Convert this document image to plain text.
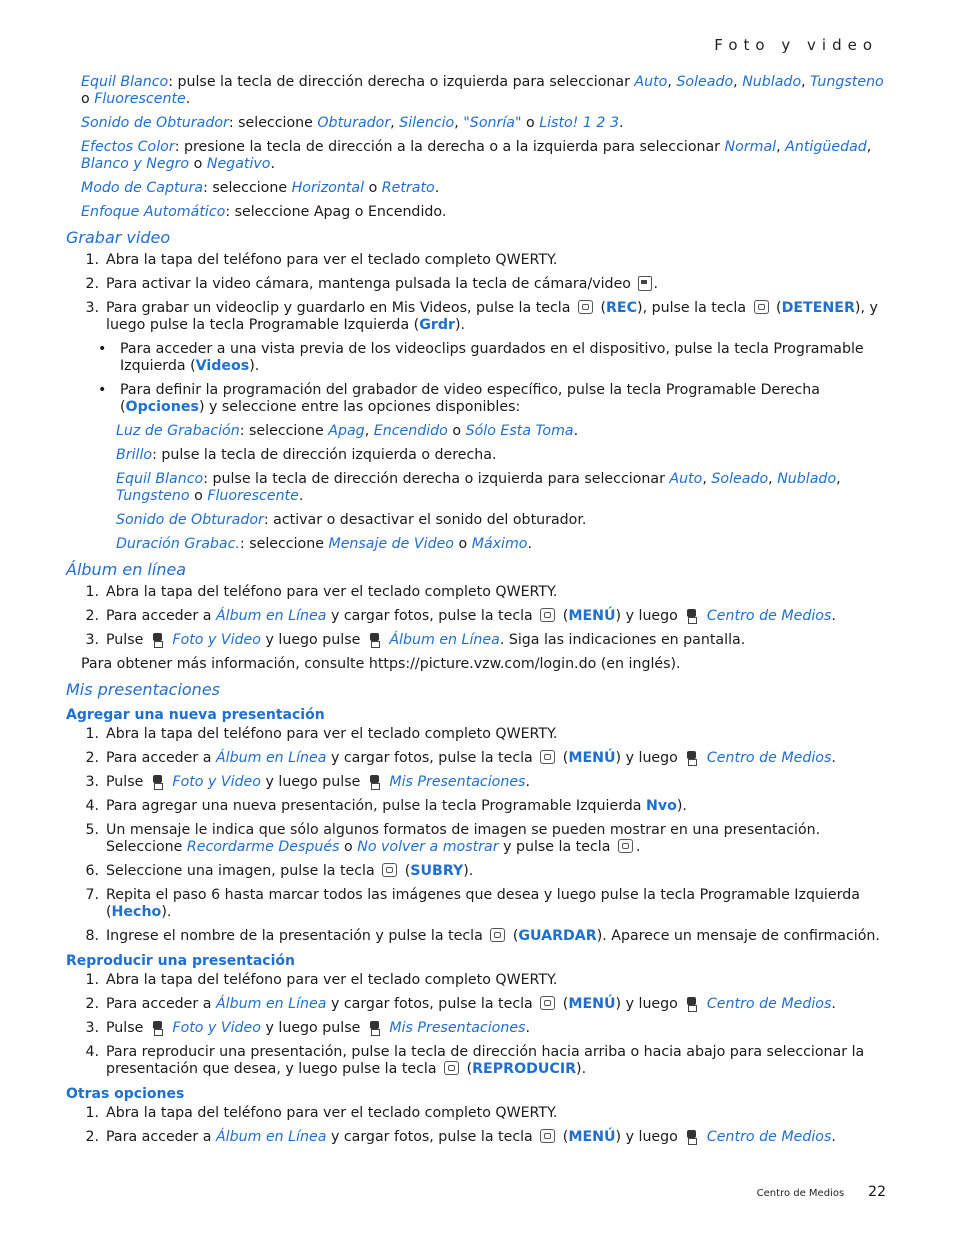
Foto y video

Equil Blanco: pulse la tecla de dirección derecha o izquierda para seleccionar Auto, Soleado, Nublado, Tungsteno o Fluorescente.

Sonido de Obturador: seleccione Obturador, Silencio, "Sonría" o Listo! 1 2 3.

Efectos Color: presione la tecla de dirección a la derecha o a la izquierda para seleccionar Normal, Antigüedad, Blanco y Negro o Negativo.

Modo de Captura: seleccione Horizontal o Retrato.

Enfoque Automático: seleccione Apag o Encendido.

Grabar video
1. Abra la tapa del teléfono para ver el teclado completo QWERTY.
2. Para activar la video cámara, mantenga pulsada la tecla de cámara/video .
3. Para grabar un videoclip y guardarlo en Mis Videos, pulse la tecla  (REC), pulse la tecla  (DETENER), y luego pulse la tecla Programable Izquierda (Grdr).
• Para acceder a una vista previa de los videoclips guardados en el dispositivo, pulse la tecla Programable Izquierda (Videos).
• Para definir la programación del grabador de video específico, pulse la tecla Programable Derecha (Opciones) y seleccione entre las opciones disponibles:

Luz de Grabación: seleccione Apag, Encendido o Sólo Esta Toma.

Brillo: pulse la tecla de dirección izquierda o derecha.

Equil Blanco: pulse la tecla de dirección derecha o izquierda para seleccionar Auto, Soleado, Nublado, Tungsteno o Fluorescente.

Sonido de Obturador: activar o desactivar el sonido del obturador.

Duración Grabac.: seleccione Mensaje de Video o Máximo.

Álbum en línea
1. Abra la tapa del teléfono para ver el teclado completo QWERTY.
2. Para acceder a Álbum en Línea y cargar fotos, pulse la tecla  (MENÚ) y luego Centro de Medios.
3. Pulse Foto y Video y luego pulse Álbum en Línea. Siga las indicaciones en pantalla.

Para obtener más información, consulte https://picture.vzw.com/login.do (en inglés).

Mis presentaciones
Agregar una nueva presentación
1. Abra la tapa del teléfono para ver el teclado completo QWERTY.
2. Para acceder a Álbum en Línea y cargar fotos, pulse la tecla  (MENÚ) y luego Centro de Medios.
3. Pulse Foto y Video y luego pulse Mis Presentaciones.
4. Para agregar una nueva presentación, pulse la tecla Programable Izquierda Nvo).
5. Un mensaje le indica que sólo algunos formatos de imagen se pueden mostrar en una presentación. Seleccione Recordarme Después o No volver a mostrar y pulse la tecla .
6. Seleccione una imagen, pulse la tecla  (SUBRY).
7. Repita el paso 6 hasta marcar todos las imágenes que desea y luego pulse la tecla Programable Izquierda (Hecho).
8. Ingrese el nombre de la presentación y pulse la tecla  (GUARDAR). Aparece un mensaje de confirmación.
Reproducir una presentación
1. Abra la tapa del teléfono para ver el teclado completo QWERTY.
2. Para acceder a Álbum en Línea y cargar fotos, pulse la tecla  (MENÚ) y luego Centro de Medios.
3. Pulse Foto y Video y luego pulse Mis Presentaciones.
4. Para reproducir una presentación, pulse la tecla de dirección hacia arriba o hacia abajo para seleccionar la presentación que desea, y luego pulse la tecla  (REPRODUCIR).
Otras opciones
1. Abra la tapa del teléfono para ver el teclado completo QWERTY.
2. Para acceder a Álbum en Línea y cargar fotos, pulse la tecla  (MENÚ) y luego Centro de Medios.
Centro de Medios 22
